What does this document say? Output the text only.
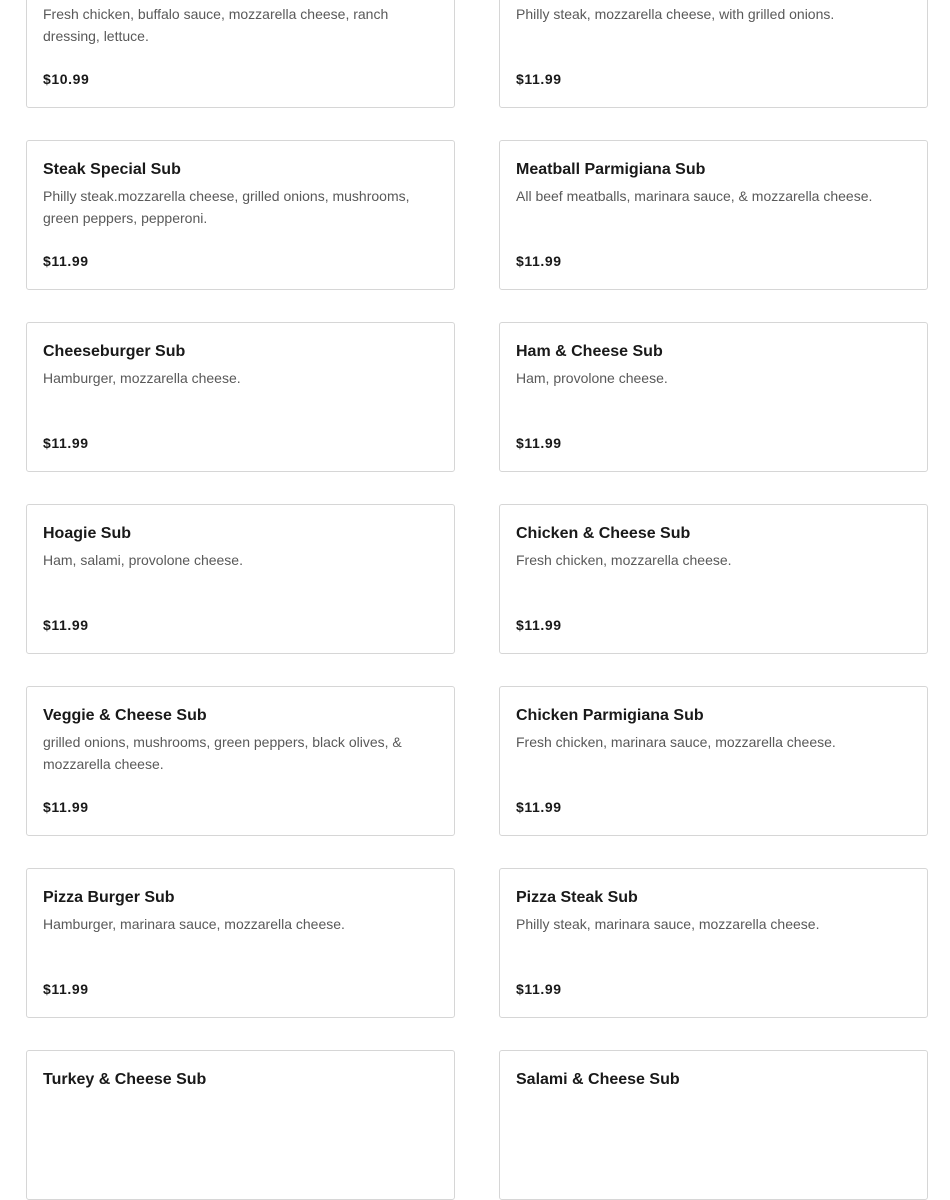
Fresh chicken, buffalo sauce, mozzarella cheese, ranch dressing, lettuce.
$10.99
Philly steak, mozzarella cheese, with grilled onions.
$11.99
Steak Special Sub
Philly steak.mozzarella cheese, grilled onions, mushrooms, green peppers, pepperoni.
$11.99
Meatball Parmigiana Sub
All beef meatballs, marinara sauce, & mozzarella cheese.
$11.99
Cheeseburger Sub
Hamburger, mozzarella cheese.
$11.99
Ham & Cheese Sub
Ham, provolone cheese.
$11.99
Hoagie Sub
Ham, salami, provolone cheese.
$11.99
Chicken & Cheese Sub
Fresh chicken, mozzarella cheese.
$11.99
Veggie & Cheese Sub
grilled onions, mushrooms, green peppers, black olives, & mozzarella cheese.
$11.99
Chicken Parmigiana Sub
Fresh chicken, marinara sauce, mozzarella cheese.
$11.99
Pizza Burger Sub
Hamburger, marinara sauce, mozzarella cheese.
$11.99
Pizza Steak Sub
Philly steak, marinara sauce, mozzarella cheese.
$11.99
Turkey & Cheese Sub	Salami & Cheese Sub
